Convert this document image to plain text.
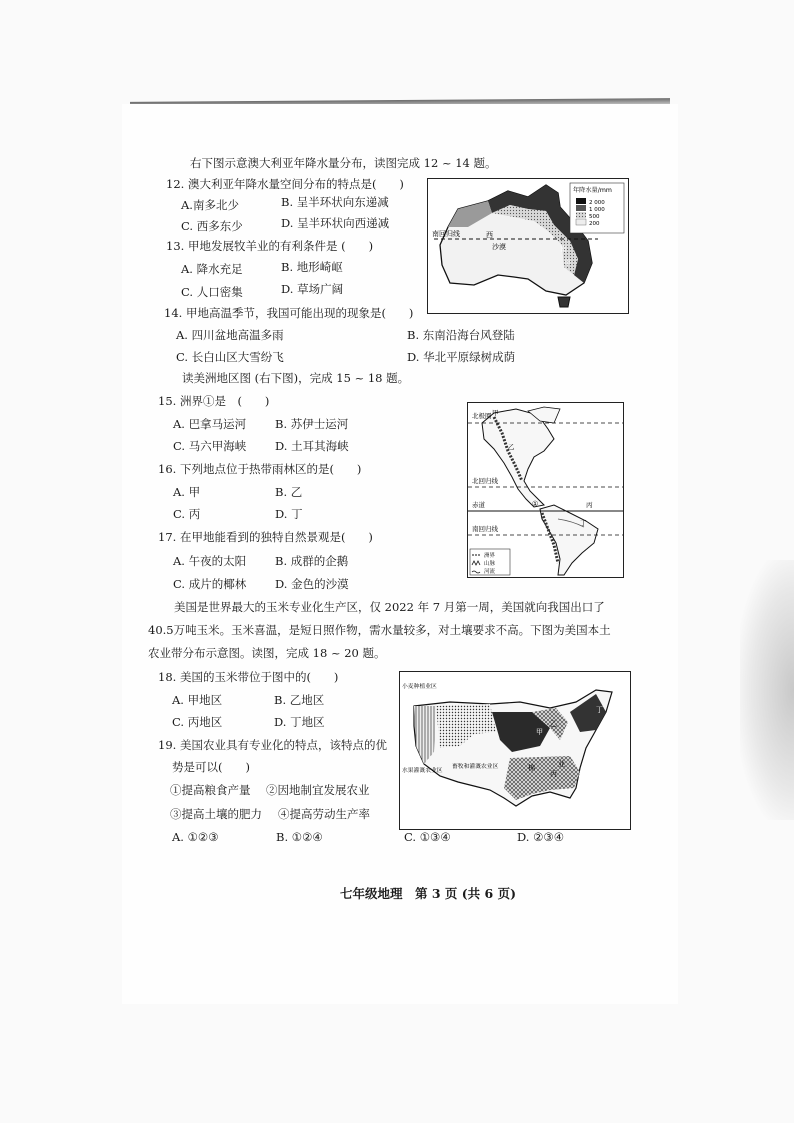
右下图示意澳大利亚年降水量分布，读图完成 12 ~ 14 题。
12. 澳大利亚年降水量空间分布的特点是(　　)
A.南多北少	B. 呈半环状向东递减
C. 西多东少	D. 呈半环状向西递减
13. 甲地发展牧羊业的有利条件是 (　　)
A. 降水充足	B. 地形崎岖
C. 人口密集	D. 草场广阔
14. 甲地高温季节，我国可能出现的现象是(　　)
A. 四川盆地高温多雨	B. 东南沿海台风登陆
C. 长白山区大雪纷飞	D. 华北平原绿树成荫
年降水量/mm
2 000
1 000
500
200
南回归线	西
沙漠	南
甲
读美洲地区图 (右下图)，完成 15 ~ 18 题。
15. 洲界①是　(　　)
A. 巴拿马运河	B. 苏伊士运河
C. 马六甲海峡	D. 土耳其海峡
16. 下列地点位于热带雨林区的是(　　)
A. 甲	B. 乙
C. 丙	D. 丁
17. 在甲地能看到的独特自然景观是(　　)
A. 午夜的太阳	B. 成群的企鹅
C. 成片的椰林	D. 金色的沙漠
北极圈 甲
乙
北回归线
赤道	①	丙
丁
南回归线
洲界
山脉
河流
美国是世界最大的玉米专业化生产区，仅 2022 年 7 月第一周，美国就向我国出口了
40.5万吨玉米。玉米喜温，是短日照作物，需水量较多，对土壤要求不高。下图为美国本土
农业带分布示意图。读图，完成 18 ~ 20 题。
18. 美国的玉米带位于图中的(　　)
A. 甲地区	B. 乙地区
C. 丙地区	D. 丁地区
19. 美国农业具有专业化的特点，该特点的优
势是可以(　　)
①提高粮食产量 ②因地制宜发展农业
③提高土壤的肥力 ④提高劳动生产率
A. ①②③	B. ①②④	C. ①③④	D. ②③④
甲
乙
丁
丙
棉	业
小麦种植业区
水果灌溉农业区
畜牧和灌溉农业区
七年级地理　第 3 页 (共 6 页)
